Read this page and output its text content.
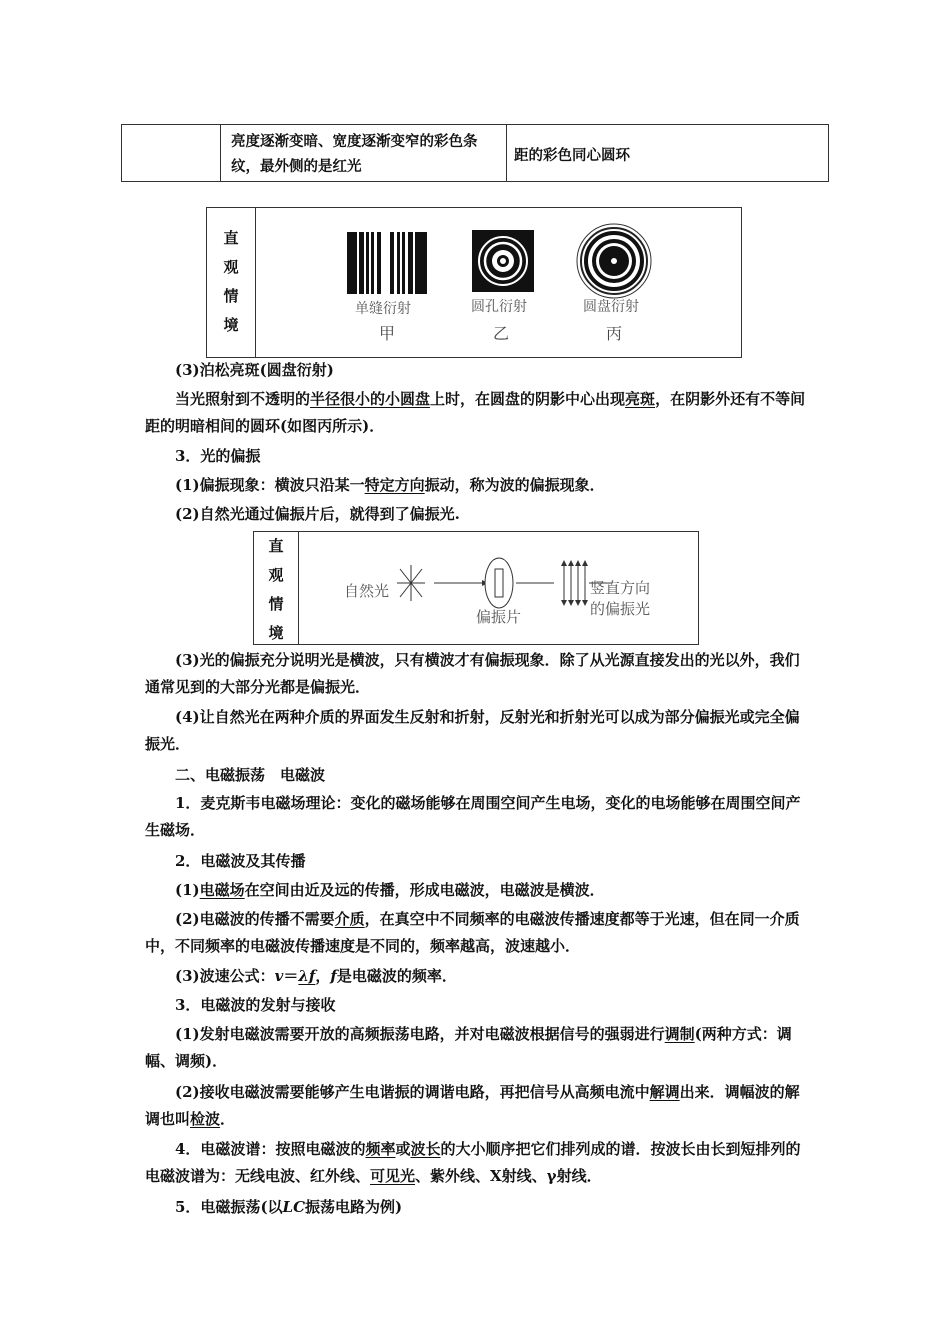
亮度逐渐变暗、宽度逐渐变窄的彩色条纹，最外侧的是红光
距的彩色同心圆环
直
观
情
境
单缝衍射
甲
圆孔衍射
乙
圆盘衍射
丙
(3)泊松亮斑(圆盘衍射)
当光照射到不透明的半径很小的小圆盘上时，在圆盘的阴影中心出现亮斑，在阴影外还有不等间距的明暗相间的圆环(如图丙所示)．
3．光的偏振
(1)偏振现象：横波只沿某一特定方向振动，称为波的偏振现象．
(2)自然光通过偏振片后，就得到了偏振光.
直
观
情
境
自然光
偏振片
竖直方向
的偏振光
(3)光的偏振充分说明光是横波，只有横波才有偏振现象．除了从光源直接发出的光以外，我们通常见到的大部分光都是偏振光．
(4)让自然光在两种介质的界面发生反射和折射，反射光和折射光可以成为部分偏振光或完全偏振光．
二、电磁振荡　电磁波
1．麦克斯韦电磁场理论：变化的磁场能够在周围空间产生电场，变化的电场能够在周围空间产生磁场．
2．电磁波及其传播
(1)电磁场在空间由近及远的传播，形成电磁波，电磁波是横波．
(2)电磁波的传播不需要介质，在真空中不同频率的电磁波传播速度都等于光速，但在同一介质中，不同频率的电磁波传播速度是不同的，频率越高，波速越小．
(3)波速公式：v＝λf，f是电磁波的频率．
3．电磁波的发射与接收
(1)发射电磁波需要开放的高频振荡电路，并对电磁波根据信号的强弱进行调制(两种方式：调幅、调频)．
(2)接收电磁波需要能够产生电谐振的调谐电路，再把信号从高频电流中解调出来．调幅波的解调也叫检波．
4．电磁波谱：按照电磁波的频率或波长的大小顺序把它们排列成的谱．按波长由长到短排列的电磁波谱为：无线电波、红外线、可见光、紫外线、X射线、γ射线．
5．电磁振荡(以LC振荡电路为例)
